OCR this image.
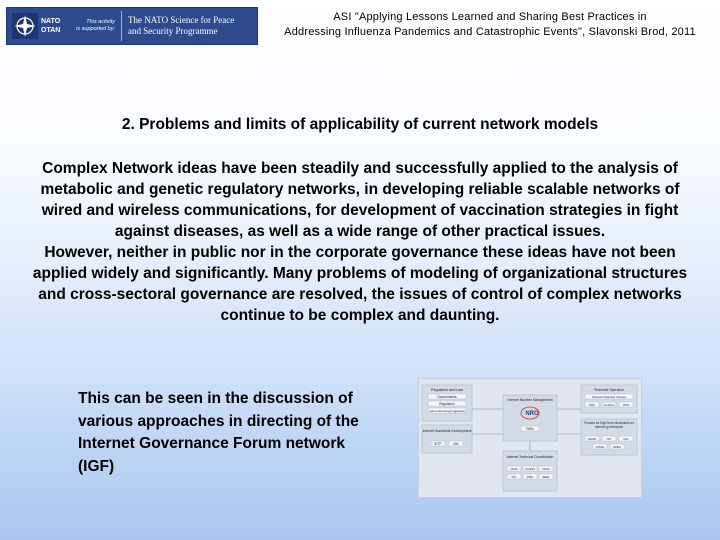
NATO
OTAN
This activity
is supported by:
The NATO Science for Peace
and Security Programme
ASI "Applying Lessons Learned and Sharing Best Practices in
Addressing Influenza Pandemics and Catastrophic Events", Slavonski Brod, 2011
2. Problems and limits of applicability of current network models

Complex Network ideas have been steadily and successfully applied to the analysis of metabolic and genetic regulatory networks, in developing reliable scalable networks of wired and wireless communications, for development of vaccination strategies in fight against diseases, as well as a wide range of other practical issues.

However, neither in public nor in the corporate governance these ideas have not been applied widely and significantly. Many problems of modeling of organizational structures and cross-sectoral governance are resolved, the issues of control of complex networks continue to be complex and daunting.

This can be seen in the discussion of various approaches in directing of the Internet Governance Forum network (IGF)
Regulators and Law
Governments
Regulators
Law enforcement agencies
Internet Standards Development
IETF	IAB
Internet Number Management
NRO
RIRs
Internet Technical Coordination
IANA	ICANN	ISOC
ITU	W3C	IEEE
Technical Operation
Network Operator Groups
ISPs	Vendors	IXPs
Forums for high level discussion on internet governance
OECD	ITU	IGF
CITEL	APEC
